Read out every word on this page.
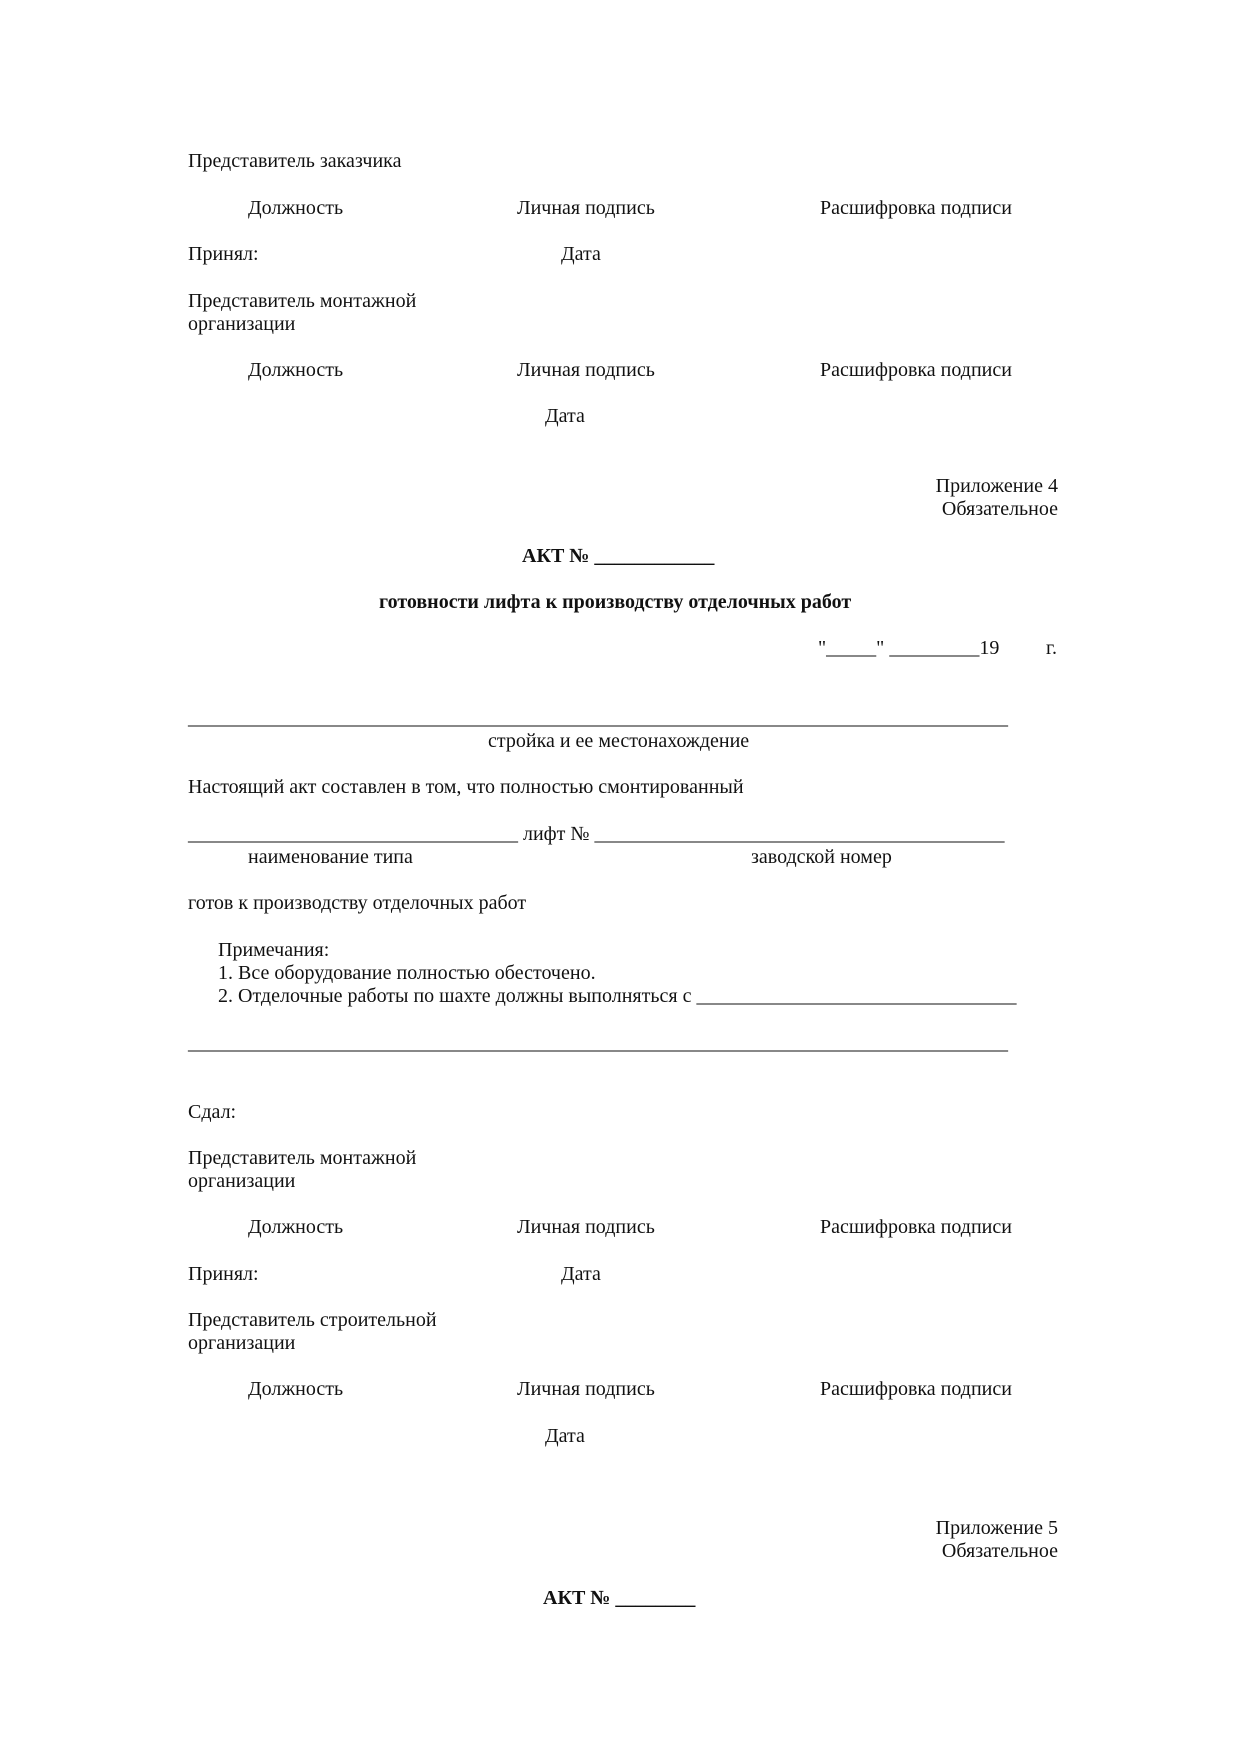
Представитель заказчика
Должность	Личная подпись	Расшифровка подписи
Принял:	Дата
Представитель монтажной
организации
Должность	Личная подпись	Расшифровка подписи
Дата
Приложение 4
Обязательное
АКТ № ____________
готовности лифта к производству отделочных работ
"_____" _________19 г.
__________________________________________________________________________________
стройка и ее местонахождение
Настоящий акт составлен в том, что полностью смонтированный
_________________________________ лифт № _________________________________________
наименование типа	заводской номер
готов к производству отделочных работ
Примечания:
1. Все оборудование полностью обесточено.
2. Отделочные работы по шахте должны выполняться с ________________________________
__________________________________________________________________________________
Сдал:
Представитель монтажной
организации
Должность	Личная подпись	Расшифровка подписи
Принял:	Дата
Представитель строительной
организации
Должность	Личная подпись	Расшифровка подписи
Дата
Приложение 5
Обязательное
АКТ № ________
